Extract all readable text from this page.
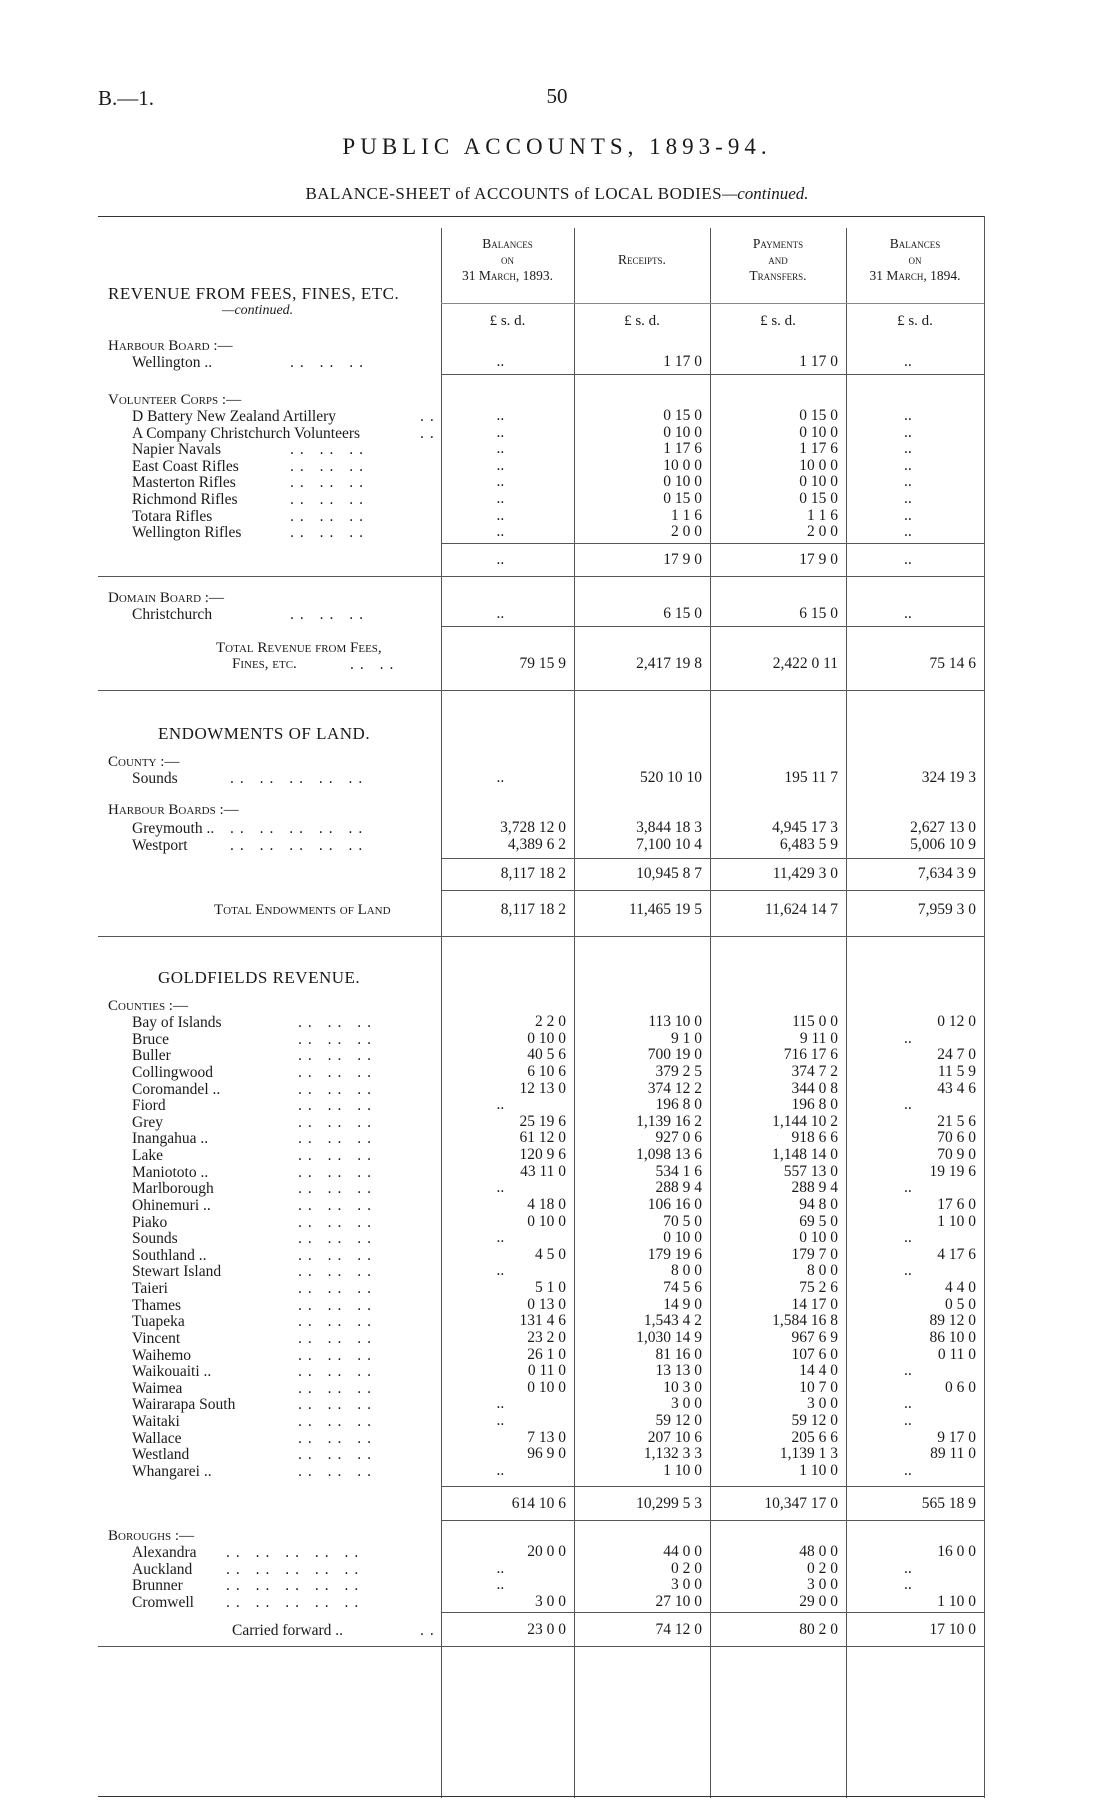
B.—1.	50
PUBLIC ACCOUNTS, 1893-94.
BALANCE-SHEET of ACCOUNTS of LOCAL BODIES—continued.
Balances
on
31 March, 1893.
£ s. d.
Receipts.
£ s. d.
Payments
and
Transfers.
£ s. d.
Balances
on
31 March, 1894.
£ s. d.
REVENUE FROM FEES, FINES, ETC.
—continued.
Harbour Board :—
Wellington ..	.. .. ..	..	1 17 0	1 17 0	..
Volunteer Corps :—
D Battery New Zealand Artillery	..	..	0 15 0	0 15 0	..
A Company Christchurch Volunteers	..	..	0 10 0	0 10 0	..
Napier Navals	.. .. ..	..	1 17 6	1 17 6	..
East Coast Rifles	.. .. ..	..	10 0 0	10 0 0	..
Masterton Rifles	.. .. ..	..	0 10 0	0 10 0	..
Richmond Rifles	.. .. ..	..	0 15 0	0 15 0	..
Totara Rifles	.. .. ..	..	1 1 6	1 1 6	..
Wellington Rifles	.. .. ..	..	2 0 0	2 0 0	..
..	17 9 0	17 9 0	..
Domain Board :—
Christchurch	.. .. ..	..	6 15 0	6 15 0	..
Total Revenue from Fees,
Fines, etc.	.. ..	79 15 9	2,417 19 8	2,422 0 11	75 14 6
ENDOWMENTS OF LAND.
County :—
Sounds	.. .. .. .. ..	..	520 10 10	195 11 7	324 19 3
Harbour Boards :—
Greymouth .. .. .. .. .. ..	3,728 12 0	3,844 18 3	4,945 17 3	2,627 13 0
Westport	.. .. .. .. ..	4,389 6 2	7,100 10 4	6,483 5 9	5,006 10 9
8,117 18 2	10,945 8 7	11,429 3 0	7,634 3 9
Total Endowments of Land	8,117 18 2	11,465 19 5	11,624 14 7	7,959 3 0
GOLDFIELDS REVENUE.
Counties :—
Bay of Islands	.. .. ..	2 2 0	113 10 0	115 0 0	0 12 0
Bruce	.. .. ..	0 10 0	9 1 0	9 11 0	..
Buller	.. .. ..	40 5 6	700 19 0	716 17 6	24 7 0
Collingwood	.. .. ..	6 10 6	379 2 5	374 7 2	11 5 9
Coromandel ..	.. .. ..	12 13 0	374 12 2	344 0 8	43 4 6
Fiord	.. .. ..	..	196 8 0	196 8 0	..
Grey	.. .. ..	25 19 6	1,139 16 2	1,144 10 2	21 5 6
Inangahua ..	.. .. ..	61 12 0	927 0 6	918 6 6	70 6 0
Lake	.. .. ..	120 9 6	1,098 13 6	1,148 14 0	70 9 0
Maniototo ..	.. .. ..	43 11 0	534 1 6	557 13 0	19 19 6
Marlborough	.. .. ..	..	288 9 4	288 9 4	..
Ohinemuri ..	.. .. ..	4 18 0	106 16 0	94 8 0	17 6 0
Piako	.. .. ..	0 10 0	70 5 0	69 5 0	1 10 0
Sounds	.. .. ..	..	0 10 0	0 10 0	..
Southland ..	.. .. ..	4 5 0	179 19 6	179 7 0	4 17 6
Stewart Island	.. .. ..	..	8 0 0	8 0 0	..
Taieri	.. .. ..	5 1 0	74 5 6	75 2 6	4 4 0
Thames	.. .. ..	0 13 0	14 9 0	14 17 0	0 5 0
Tuapeka	.. .. ..	131 4 6	1,543 4 2	1,584 16 8	89 12 0
Vincent	.. .. ..	23 2 0	1,030 14 9	967 6 9	86 10 0
Waihemo	.. .. ..	26 1 0	81 16 0	107 6 0	0 11 0
Waikouaiti ..	.. .. ..	0 11 0	13 13 0	14 4 0	..
Waimea	.. .. ..	0 10 0	10 3 0	10 7 0	0 6 0
Wairarapa South	.. .. ..	..	3 0 0	3 0 0	..
Waitaki	.. .. ..	..	59 12 0	59 12 0	..
Wallace	.. .. ..	7 13 0	207 10 6	205 6 6	9 17 0
Westland	.. .. ..	96 9 0	1,132 3 3	1,139 1 3	89 11 0
Whangarei ..	.. .. ..	..	1 10 0	1 10 0	..
614 10 6	10,299 5 3	10,347 17 0	565 18 9
Boroughs :—
Alexandra .. .. .. .. ..	20 0 0	44 0 0	48 0 0	16 0 0
Auckland .. .. .. .. ..	..	0 2 0	0 2 0	..
Brunner	.. .. .. .. ..	..	3 0 0	3 0 0	..
Cromwell .. .. .. .. ..	3 0 0	27 10 0	29 0 0	1 10 0
Carried forward ..	..	23 0 0	74 12 0	80 2 0	17 10 0
